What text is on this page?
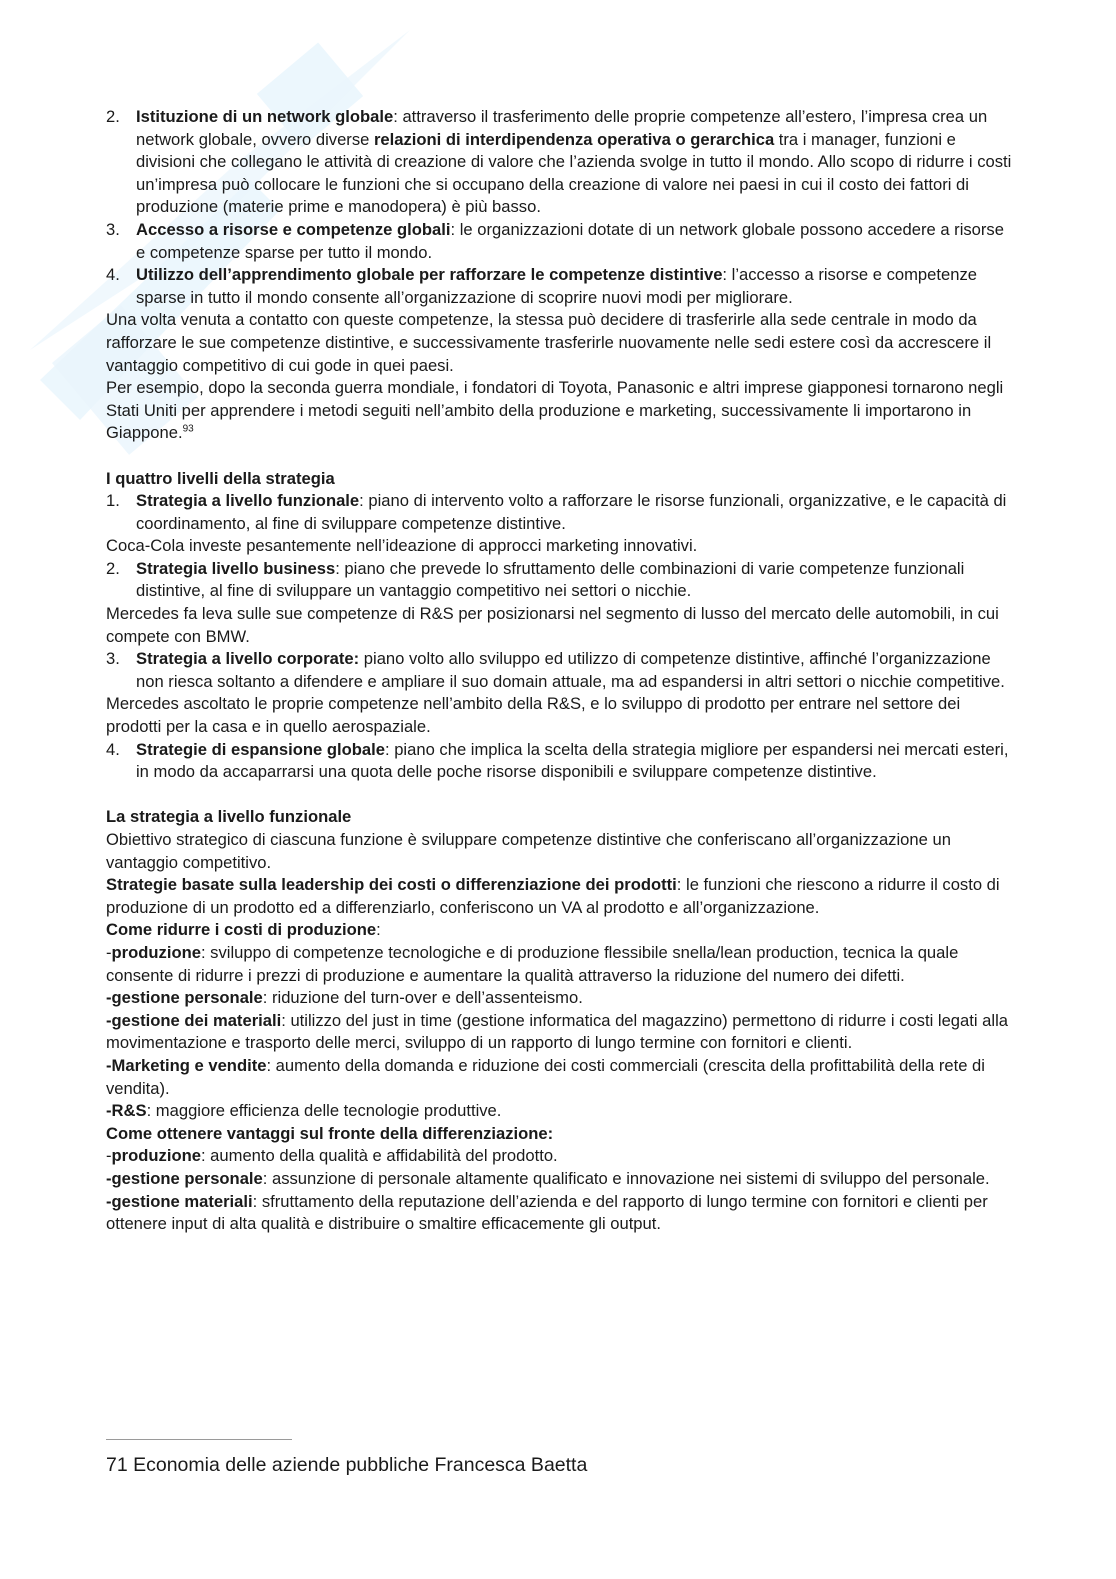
2. Istituzione di un network globale: attraverso il trasferimento delle proprie competenze all’estero, l’impresa crea un network globale, ovvero diverse relazioni di interdipendenza operativa o gerarchica tra i manager, funzioni e divisioni che collegano le attività di creazione di valore che l’azienda svolge in tutto il mondo. Allo scopo di ridurre i costi un’impresa può collocare le funzioni che si occupano della creazione di valore nei paesi in cui il costo dei fattori di produzione (materie prime e manodopera) è più basso.
3. Accesso a risorse e competenze globali: le organizzazioni dotate di un network globale possono accedere a risorse e competenze sparse per tutto il mondo.
4. Utilizzo dell’apprendimento globale per rafforzare le competenze distintive: l’accesso a risorse e competenze sparse in tutto il mondo consente all’organizzazione di scoprire nuovi modi per migliorare.

Una volta venuta a contatto con queste competenze, la stessa può decidere di trasferirle alla sede centrale in modo da rafforzare le sue competenze distintive, e successivamente trasferirle nuovamente nelle sedi estere così da accrescere il vantaggio competitivo di cui gode in quei paesi.

Per esempio, dopo la seconda guerra mondiale, i fondatori di Toyota, Panasonic e altri imprese giapponesi tornarono negli Stati Uniti per apprendere i metodi seguiti nell’ambito della produzione e marketing, successivamente li importarono in Giappone.$^{93}$

I quattro livelli della strategia

1. Strategia a livello funzionale: piano di intervento volto a rafforzare le risorse funzionali, organizzative, e le capacità di coordinamento, al fine di sviluppare competenze distintive.

Coca-Cola investe pesantemente nell’ideazione di approcci marketing innovativi.

2. Strategia livello business: piano che prevede lo sfruttamento delle combinazioni di varie competenze funzionali distintive, al fine di sviluppare un vantaggio competitivo nei settori o nicchie.

Mercedes fa leva sulle sue competenze di R&S per posizionarsi nel segmento di lusso del mercato delle automobili, in cui compete con BMW.

3. Strategia a livello corporate: piano volto allo sviluppo ed utilizzo di competenze distintive, affinché l’organizzazione non riesca soltanto a difendere e ampliare il suo domain attuale, ma ad espandersi in altri settori o nicchie competitive.

Mercedes ascoltato le proprie competenze nell’ambito della R&S, e lo sviluppo di prodotto per entrare nel settore dei prodotti per la casa e in quello aerospaziale.

4. Strategie di espansione globale: piano che implica la scelta della strategia migliore per espandersi nei mercati esteri, in modo da accaparrarsi una quota delle poche risorse disponibili e sviluppare competenze distintive.

La strategia a livello funzionale

Obiettivo strategico di ciascuna funzione è sviluppare competenze distintive che conferiscano all’organizzazione un vantaggio competitivo.

Strategie basate sulla leadership dei costi o differenziazione dei prodotti: le funzioni che riescono a ridurre il costo di produzione di un prodotto ed a differenziarlo, conferiscono un VA al prodotto e all’organizzazione.

Come ridurre i costi di produzione:

-produzione: sviluppo di competenze tecnologiche e di produzione flessibile snella/lean production, tecnica la quale consente di ridurre i prezzi di produzione e aumentare la qualità attraverso la riduzione del numero dei difetti.

-gestione personale: riduzione del turn-over e dell’assenteismo.

-gestione dei materiali: utilizzo del just in time (gestione informatica del magazzino) permettono di ridurre i costi legati alla movimentazione e trasporto delle merci, sviluppo di un rapporto di lungo termine con fornitori e clienti.

-Marketing e vendite: aumento della domanda e riduzione dei costi commerciali (crescita della profittabilità della rete di vendita).

-R&S: maggiore efficienza delle tecnologie produttive.

Come ottenere vantaggi sul fronte della differenziazione:

-produzione: aumento della qualità e affidabilità del prodotto.

-gestione personale: assunzione di personale altamente qualificato e innovazione nei sistemi di sviluppo del personale.

-gestione materiali: sfruttamento della reputazione dell’azienda e del rapporto di lungo termine con fornitori e clienti per ottenere input di alta qualità e distribuire o smaltire efficacemente gli output.

71 Economia delle aziende pubbliche Francesca Baetta
